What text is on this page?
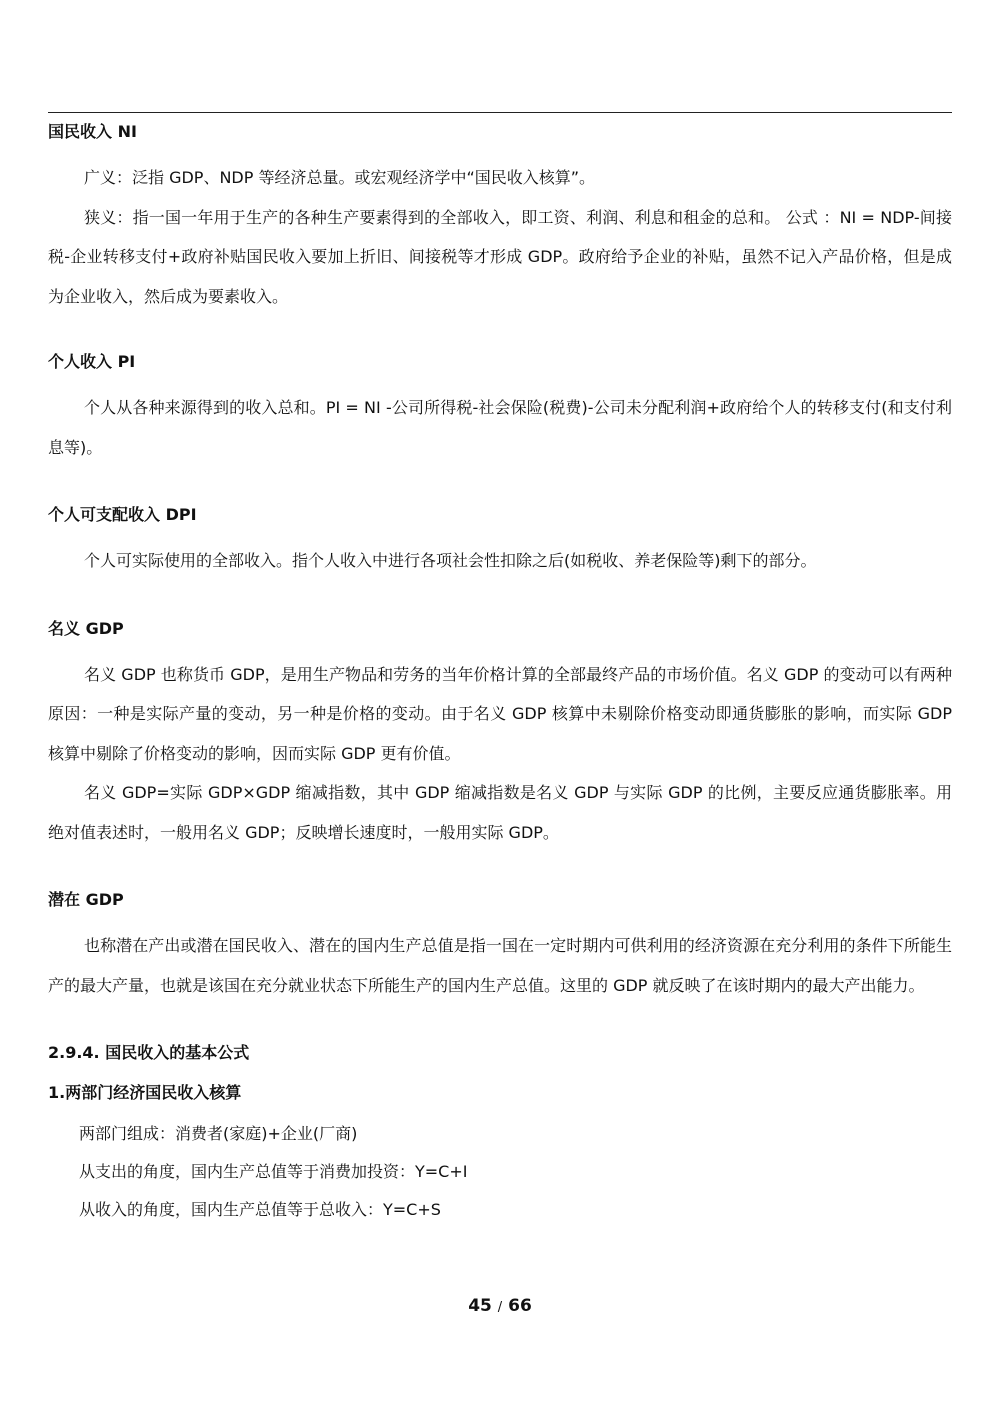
国民收入 NI

广义：泛指 GDP、NDP 等经济总量。或宏观经济学中“国民收入核算”。

狭义：指一国一年用于生产的各种生产要素得到的全部收入，即工资、利润、利息和租金的总和。 公式 ：NI = NDP-间接税-企业转移支付+政府补贴国民收入要加上折旧、间接税等才形成 GDP。政府给予企业的补贴，虽然不记入产品价格，但是成为企业收入，然后成为要素收入。

个人收入 PI

个人从各种来源得到的收入总和。PI = NI -公司所得税-社会保险(税费)-公司未分配利润+政府给个人的转移支付(和支付利息等)。

个人可支配收入 DPI

个人可实际使用的全部收入。指个人收入中进行各项社会性扣除之后(如税收、养老保险等)剩下的部分。

名义 GDP

名义 GDP 也称货币 GDP，是用生产物品和劳务的当年价格计算的全部最终产品的市场价值。名义 GDP 的变动可以有两种原因：一种是实际产量的变动，另一种是价格的变动。由于名义 GDP 核算中未剔除价格变动即通货膨胀的影响，而实际 GDP 核算中剔除了价格变动的影响，因而实际 GDP 更有价值。

名义 GDP=实际 GDP×GDP 缩减指数，其中 GDP 缩减指数是名义 GDP 与实际 GDP 的比例，主要反应通货膨胀率。用绝对值表述时，一般用名义 GDP；反映增长速度时，一般用实际 GDP。

潜在 GDP

也称潜在产出或潜在国民收入、潜在的国内生产总值是指一国在一定时期内可供利用的经济资源在充分利用的条件下所能生产的最大产量，也就是该国在充分就业状态下所能生产的国内生产总值。这里的 GDP 就反映了在该时期内的最大产出能力。

2.9.4. 国民收入的基本公式

1.两部门经济国民收入核算

两部门组成：消费者(家庭)+企业(厂商)

从支出的角度，国内生产总值等于消费加投资：Y=C+I

从收入的角度，国内生产总值等于总收入：Y=C+S

45 / 66
